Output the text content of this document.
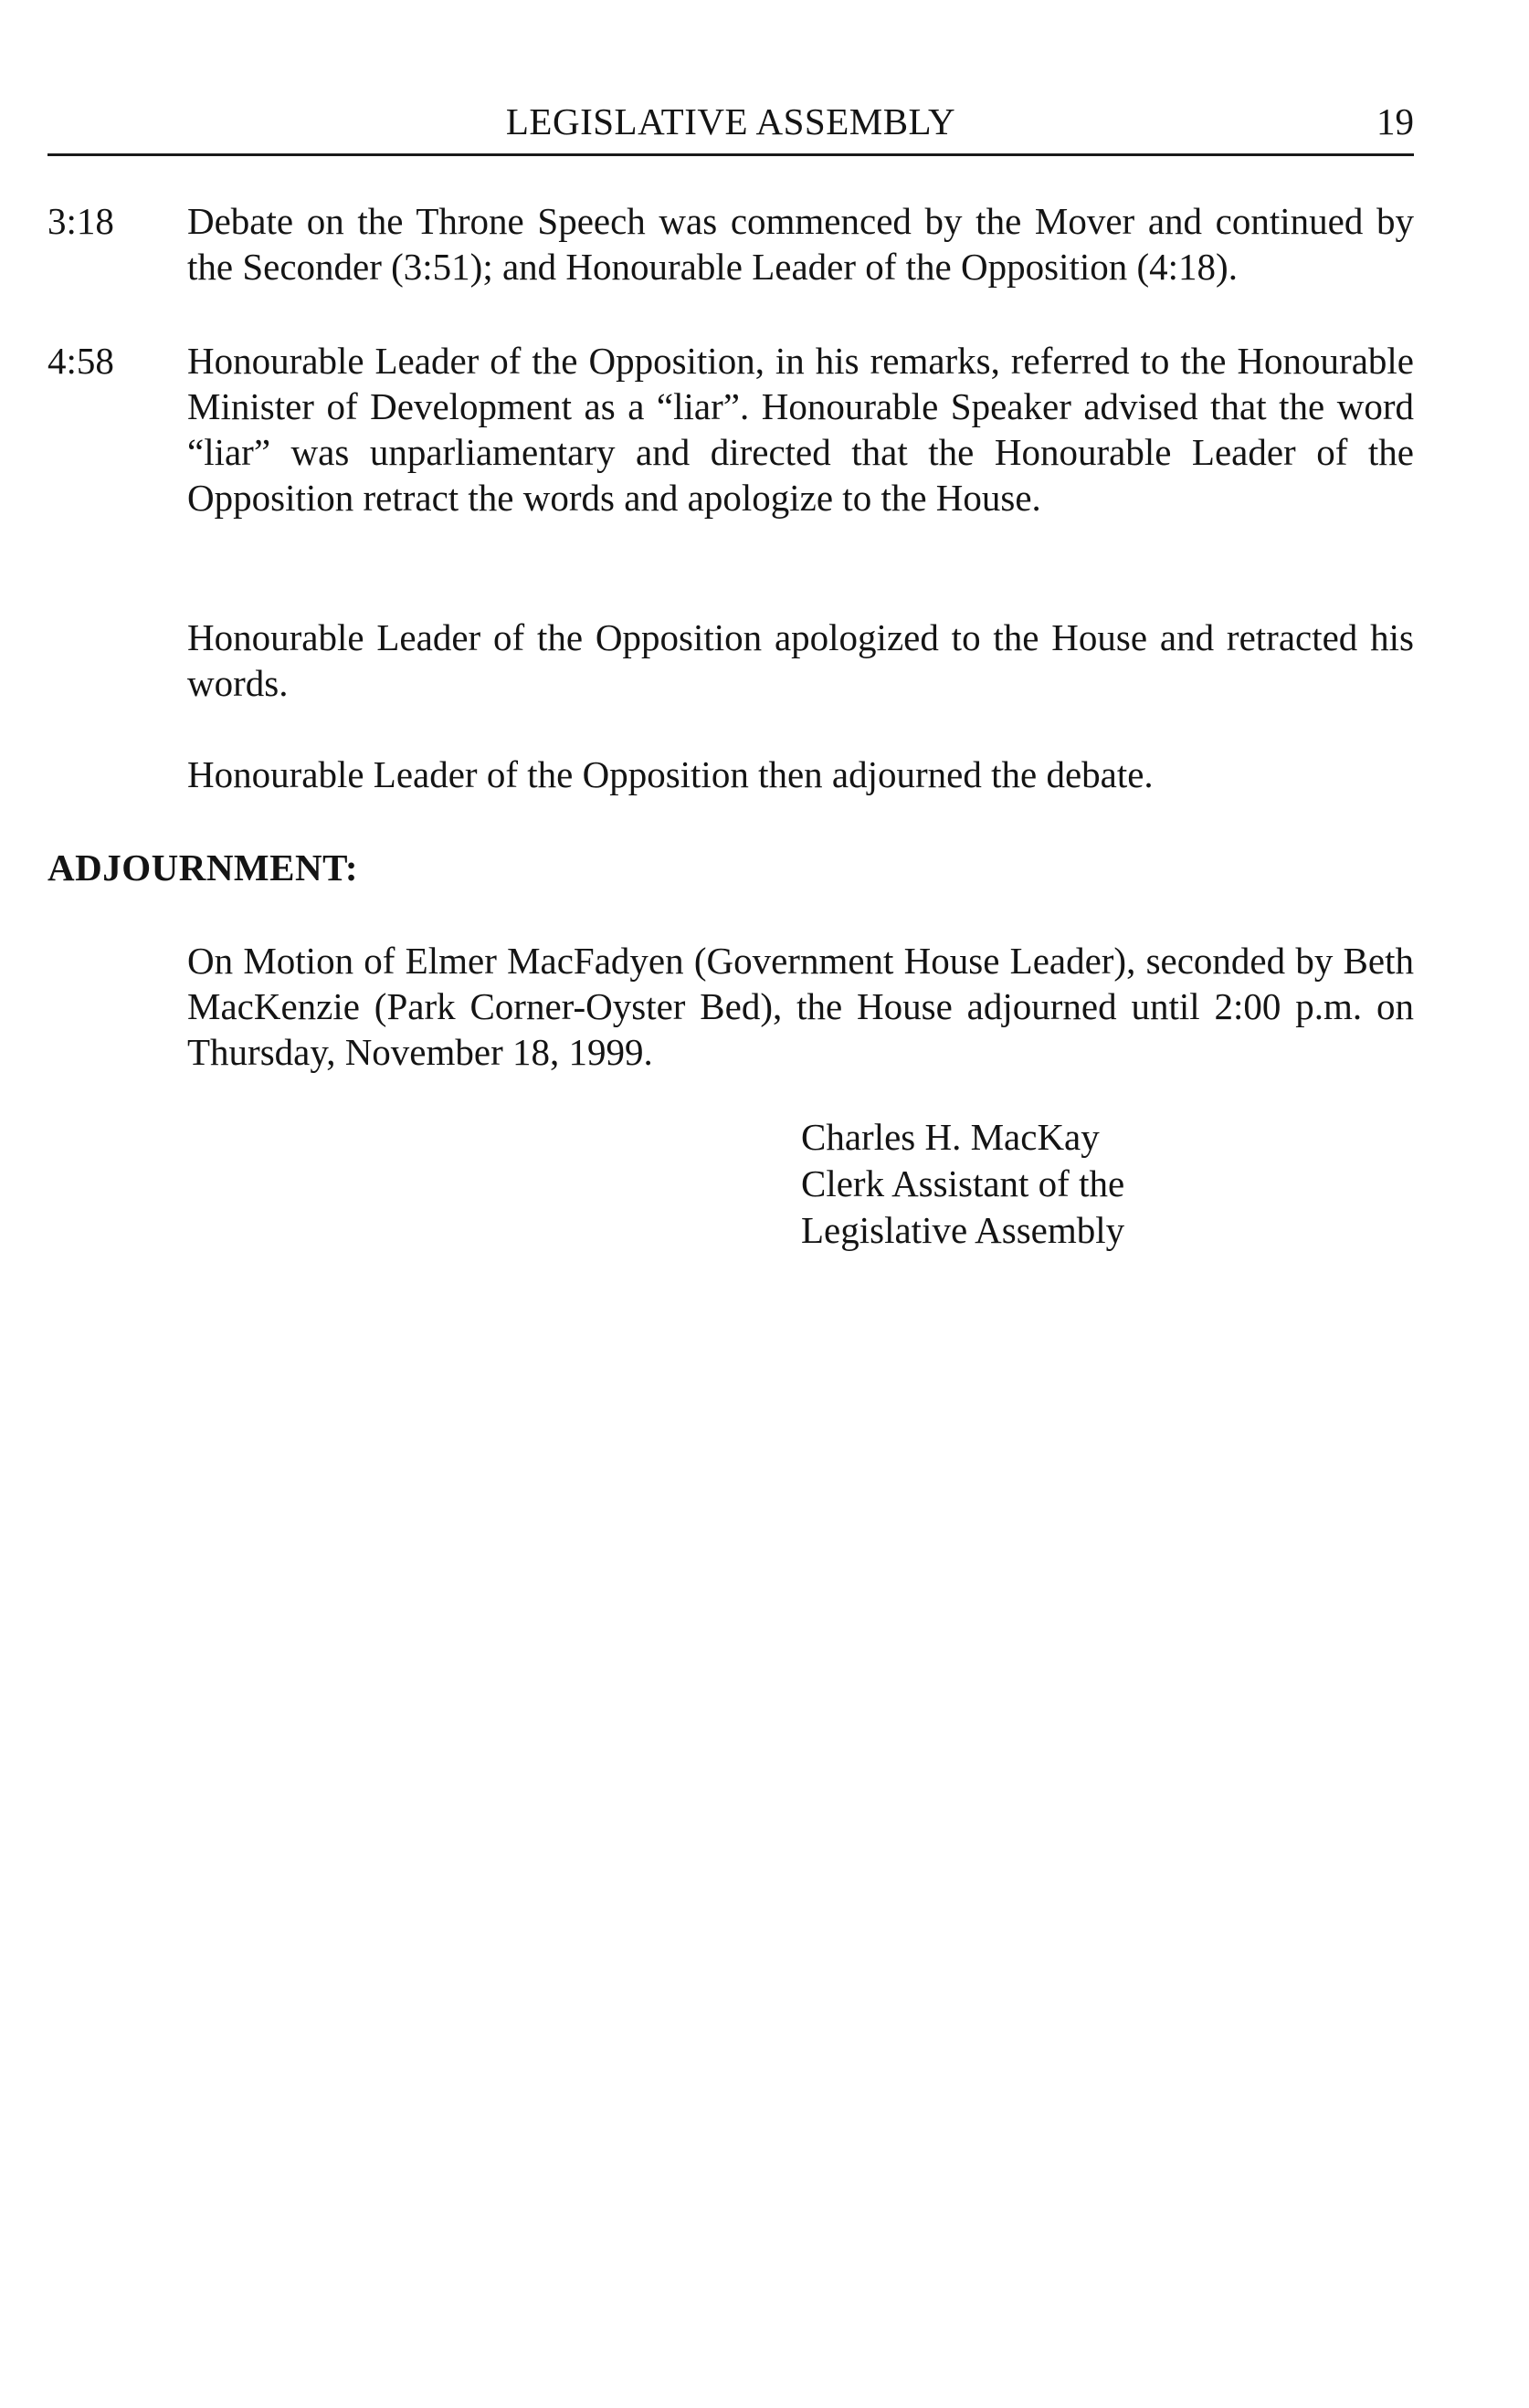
LEGISLATIVE ASSEMBLY	19
3:18 Debate on the Throne Speech was commenced by the Mover and continued by the Seconder (3:51); and Honourable Leader of the Opposition (4:18).

4:58 Honourable Leader of the Opposition, in his remarks, referred to the Honourable Minister of Development as a “liar”. Honourable Speaker advised that the word “liar” was unparliamentary and directed that the Honourable Leader of the Opposition retract the words and apologize to the House.

Honourable Leader of the Opposition apologized to the House and retracted his words.

Honourable Leader of the Opposition then adjourned the debate.

ADJOURNMENT:

On Motion of Elmer MacFadyen (Government House Leader), seconded by Beth MacKenzie (Park Corner-Oyster Bed), the House adjourned until 2:00 p.m. on Thursday, November 18, 1999.

Charles H. MacKay
Clerk Assistant of the
Legislative Assembly
